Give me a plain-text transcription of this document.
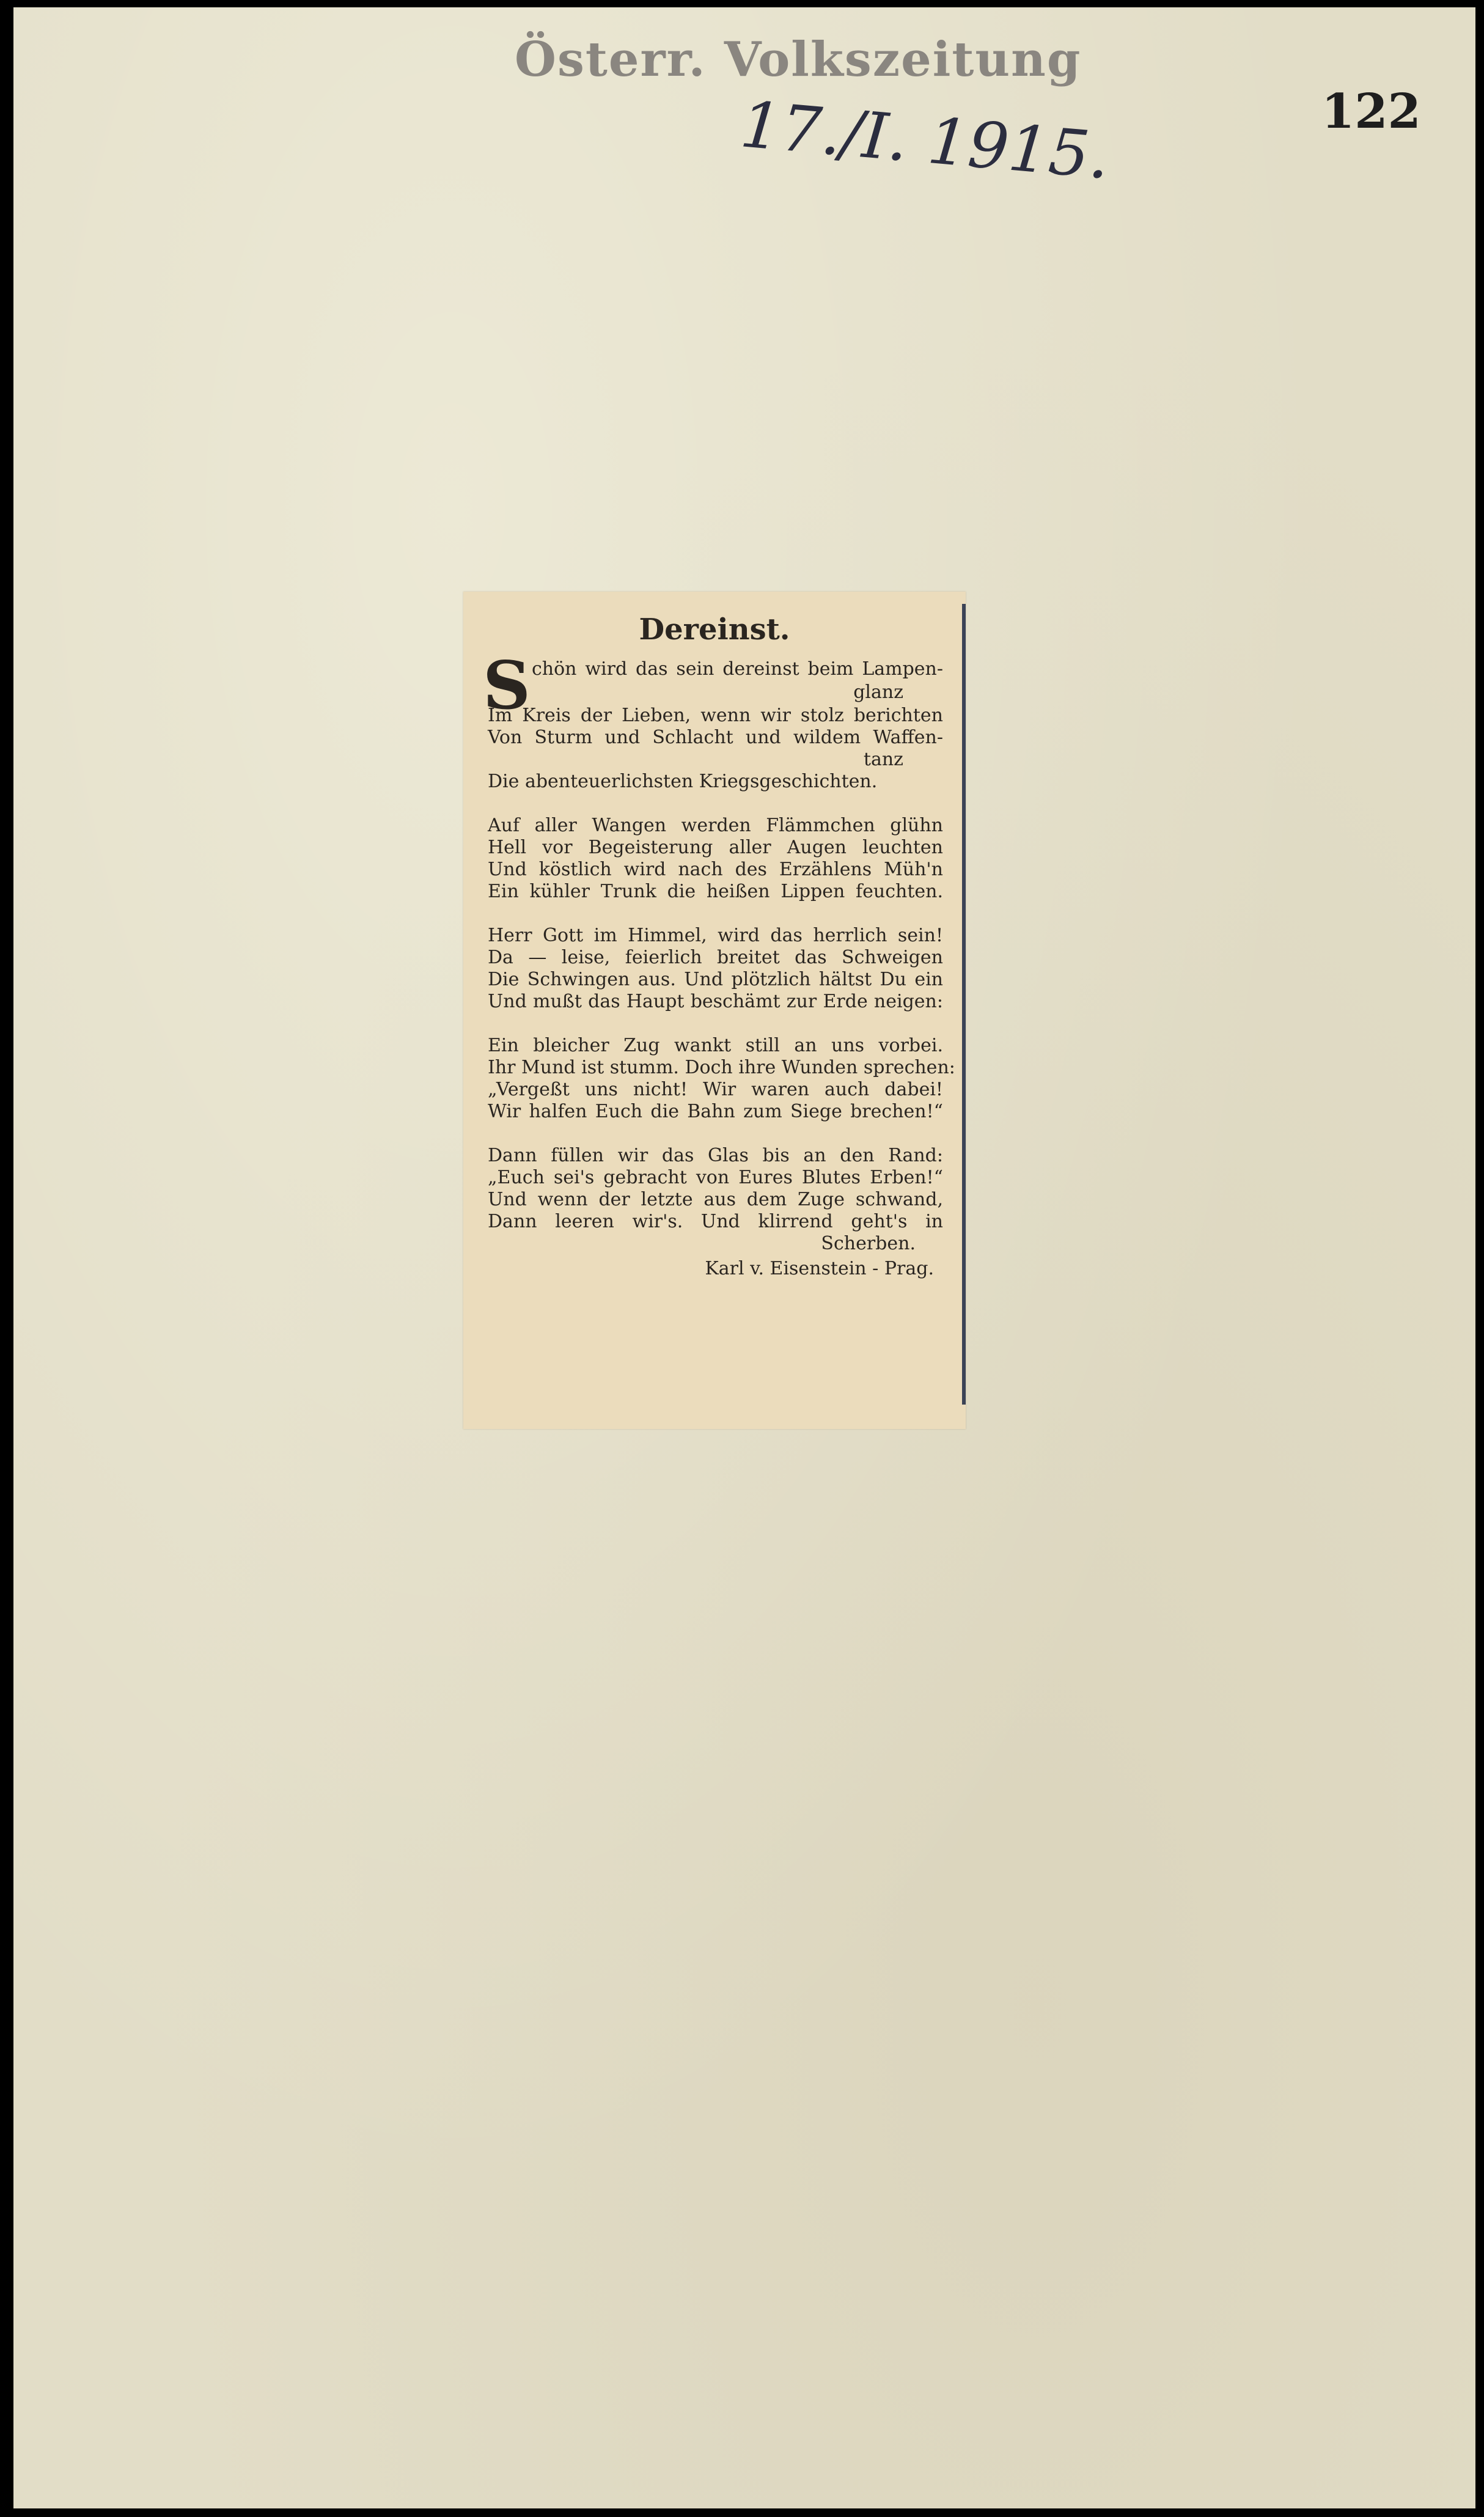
Österr. Volkszeitung
17./I. 1915.	122
Dereinst.
S chön wird das sein dereinst beim Lampen-
glanz
Im Kreis der Lieben, wenn wir stolz berichten
Von Sturm und Schlacht und wildem Waffen-
tanz
Die abenteuerlichsten Kriegsgeschichten.
Auf aller Wangen werden Flämmchen glühn
Hell vor Begeisterung aller Augen leuchten
Und köstlich wird nach des Erzählens Müh'n
Ein kühler Trunk die heißen Lippen feuchten.
Herr Gott im Himmel, wird das herrlich sein!
Da — leise, feierlich breitet das Schweigen
Die Schwingen aus. Und plötzlich hältst Du ein
Und mußt das Haupt beschämt zur Erde neigen:
Ein bleicher Zug wankt still an uns vorbei.
Ihr Mund ist stumm. Doch ihre Wunden sprechen:
„Vergeßt uns nicht! Wir waren auch dabei!
Wir halfen Euch die Bahn zum Siege brechen!“
Dann füllen wir das Glas bis an den Rand:
„Euch sei's gebracht von Eures Blutes Erben!“
Und wenn der letzte aus dem Zuge schwand,
Dann leeren wir's. Und klirrend geht's in
Scherben.
Karl v. Eisenstein - Prag.
